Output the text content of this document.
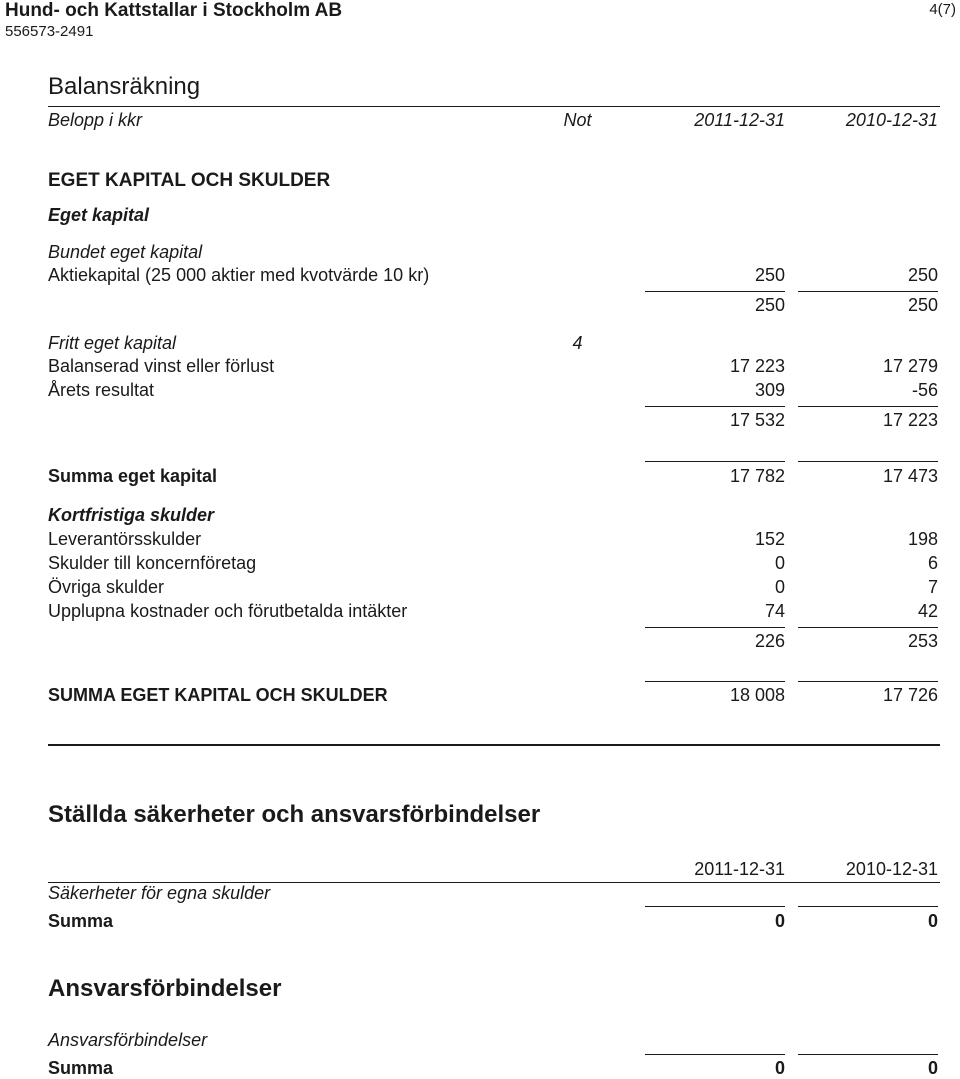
Hund- och Kattstallar i Stockholm AB
556573-2491
4(7)
Balansräkning
Belopp i kkr	Not	2011-12-31	2010-12-31
EGET KAPITAL OCH SKULDER
Eget kapital
Bundet eget kapital
Aktiekapital (25 000 aktier med kvotvärde 10 kr)	250	250
250	250
Fritt eget kapital	4
Balanserad vinst eller förlust	17 223	17 279
Årets resultat	309	-56
17 532	17 223
Summa eget kapital	17 782	17 473
Kortfristiga skulder
Leverantörsskulder	152	198
Skulder till koncernföretag	0	6
Övriga skulder	0	7
Upplupna kostnader och förutbetalda intäkter	74	42
226	253
SUMMA EGET KAPITAL OCH SKULDER	18 008	17 726
Ställda säkerheter och ansvarsförbindelser
2011-12-31	2010-12-31
Säkerheter för egna skulder
Summa	0	0
Ansvarsförbindelser
Ansvarsförbindelser
Summa	0	0
